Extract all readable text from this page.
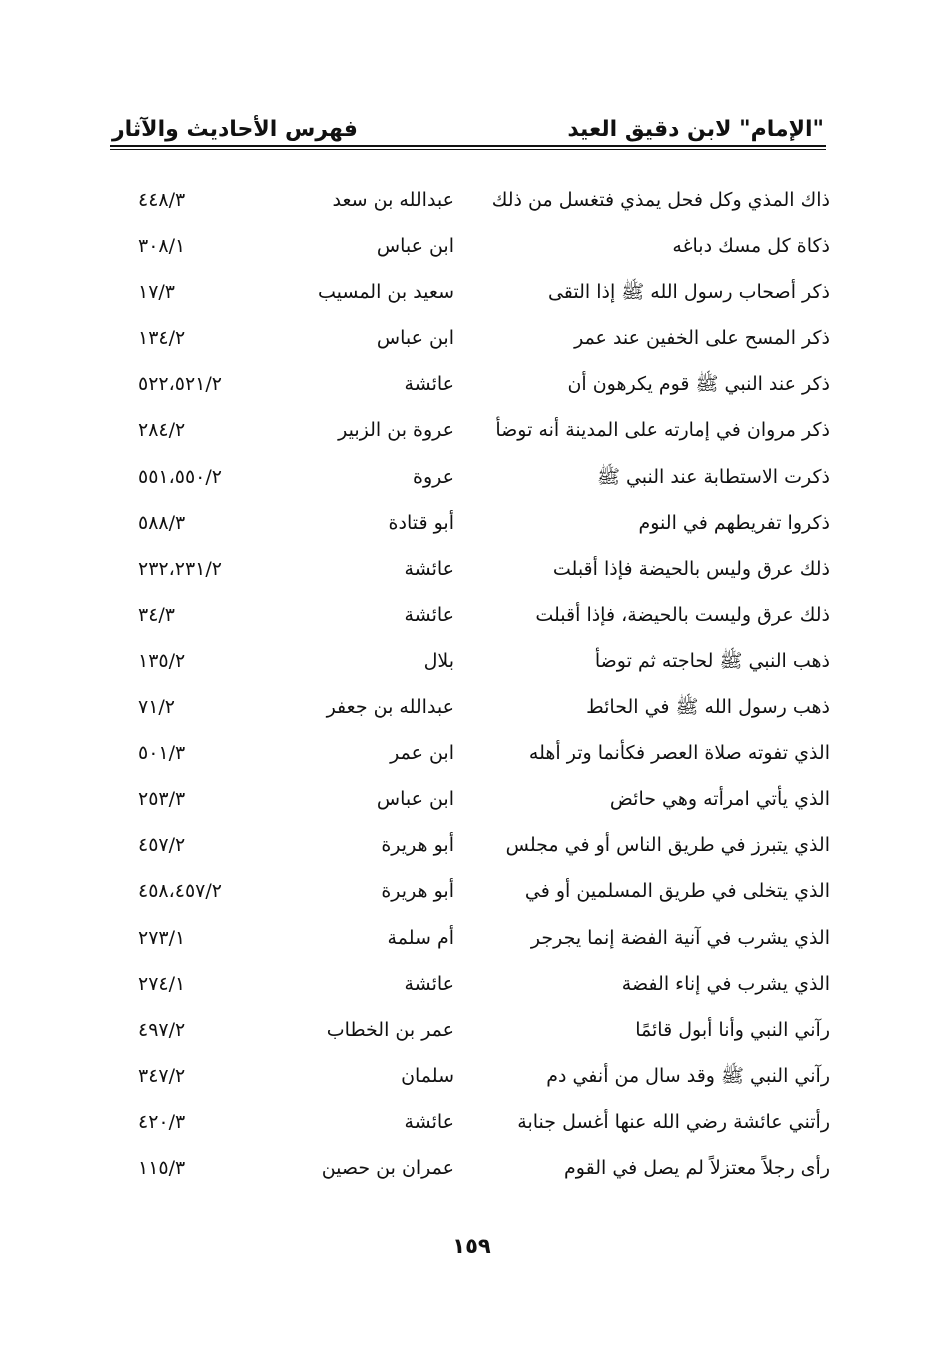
"الإمام" لابن دقيق العيد
فهرس الأحاديث والآثار
ذاك المذي وكل فحل يمذي فتغسل من ذلك
عبدالله بن سعد
٤٤٨/٣
ذكاة كل مسك دباغه
ابن عباس
٣٠٨/١
ذكر أصحاب رسول الله ﷺ إذا التقى
سعيد بن المسيب
١٧/٣
ذكر المسح على الخفين عند عمر
ابن عباس
١٣٤/٢
ذكر عند النبي ﷺ قوم يكرهون أن
عائشة
٥٢٢،٥٢١/٢
ذكر مروان في إمارته على المدينة أنه توضأ
عروة بن الزبير
٢٨٤/٢
ذكرت الاستطابة عند النبي ﷺ
عروة
٥٥١،٥٥٠/٢
ذكروا تفريطهم في النوم
أبو قتادة
٥٨٨/٣
ذلك عرق وليس بالحيضة فإذا أقبلت
عائشة
٢٣٢،٢٣١/٢
ذلك عرق وليست بالحيضة، فإذا أقبلت
عائشة
٣٤/٣
ذهب النبي ﷺ لحاجته ثم توضأ
بلال
١٣٥/٢
ذهب رسول الله ﷺ في الحائط
عبدالله بن جعفر
٧١/٢
الذي تفوته صلاة العصر فكأنما وتر أهله
ابن عمر
٥٠١/٣
الذي يأتي امرأته وهي حائض
ابن عباس
٢٥٣/٣
الذي يتبرز في طريق الناس أو في مجلس
أبو هريرة
٤٥٧/٢
الذي يتخلى في طريق المسلمين أو في
أبو هريرة
٤٥٨،٤٥٧/٢
الذي يشرب في آنية الفضة إنما يجرجر
أم سلمة
٢٧٣/١
الذي يشرب في إناء الفضة
عائشة
٢٧٤/١
رآني النبي وأنا أبول قائمًا
عمر بن الخطاب
٤٩٧/٢
رآني النبي ﷺ وقد سال من أنفي دم
سلمان
٣٤٧/٢
رأتني عائشة رضي الله عنها أغسل جنابة
عائشة
٤٢٠/٣
رأى رجلاً معتزلاً لم يصل في القوم
عمران بن حصين
١١٥/٣
١٥٩
